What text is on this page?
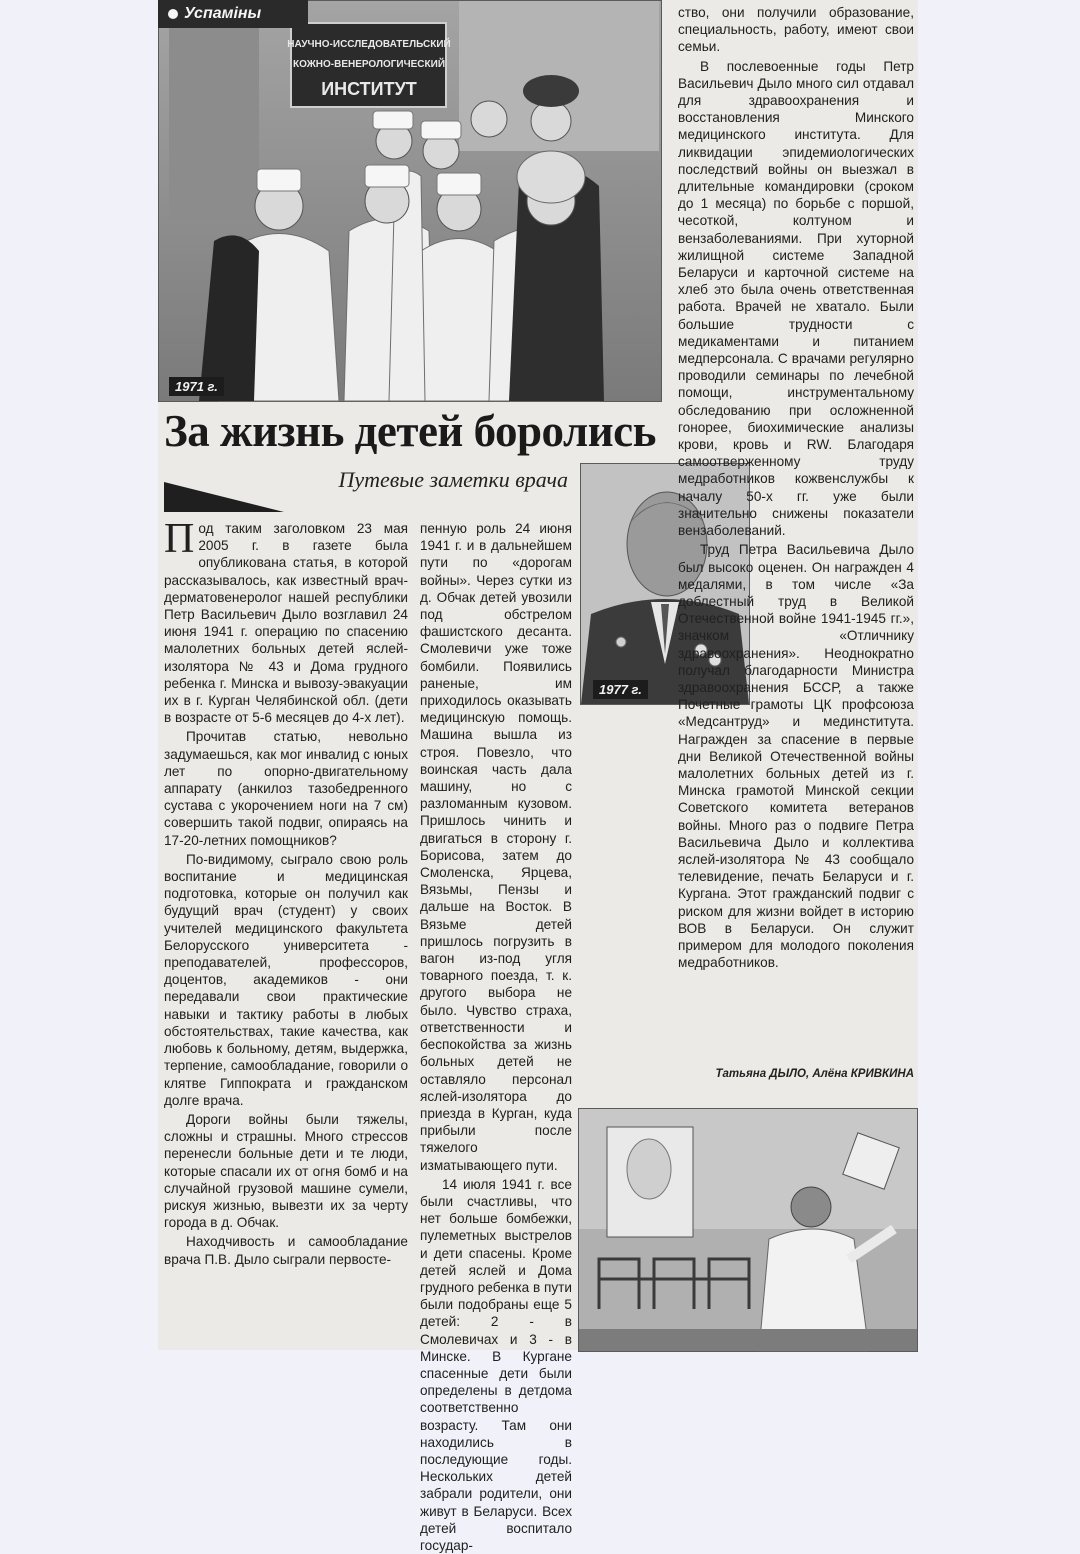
Успаміны
НАУЧНО-ИССЛЕДОВАТЕЛЬСКИЙ
КОЖНО-ВЕНЕРОЛОГИЧЕСКИЙ
ИНСТИТУТ
1971 г.
За жизнь детей боролись
Путевые заметки врача
1977 г.

Под таким заголовком 23 мая 2005 г. в газете была опубликована статья, в которой рассказывалось, как известный врач-дерматовенеролог нашей республики Петр Васильевич Дыло возглавил 24 июня 1941 г. операцию по спасению малолетних больных детей яслей-изолятора № 43 и Дома грудного ребенка г. Минска и вывозу-эвакуации их в г. Курган Челябинской обл. (дети в возрасте от 5-6 месяцев до 4-х лет).

Прочитав статью, невольно задумаешься, как мог инвалид с юных лет по опорно-двигательному аппарату (анкилоз тазобедренного сустава с укорочением ноги на 7 см) совершить такой подвиг, опираясь на 17-20-летних помощников?

По-видимому, сыграло свою роль воспитание и медицинская подготовка, которые он получил как будущий врач (студент) у своих учителей медицинского факультета Белорусского университета - преподавателей, профессоров, доцентов, академиков - они передавали свои практические навыки и тактику работы в любых обстоятельствах, такие качества, как любовь к больному, детям, выдержка, терпение, самообладание, говорили о клятве Гиппократа и гражданском долге врача.

Дороги войны были тяжелы, сложны и страшны. Много стрессов перенесли больные дети и те люди, которые спасали их от огня бомб и на случайной грузовой машине сумели, рискуя жизнью, вывезти их за черту города в д. Обчак.

Находчивость и самообладание врача П.В. Дыло сыграли первосте-

пенную роль 24 июня 1941 г. и в дальнейшем пути по «дорогам войны». Через сутки из д. Обчак детей увозили под обстрелом фашистского десанта. Смолевичи уже тоже бомбили. Появились раненые, им приходилось оказывать медицинскую помощь. Машина вышла из строя. Повезло, что воинская часть дала машину, но с разломанным кузовом. Пришлось чинить и двигаться в сторону г. Борисова, затем до Смоленска, Ярцева, Вязьмы, Пензы и дальше на Восток. В Вязьме детей пришлось погрузить в вагон из-под угля товарного поезда, т. к. другого выбора не было. Чувство страха, ответственности и беспокойства за жизнь больных детей не оставляло персонал яслей-изолятора до приезда в Курган, куда прибыли после тяжелого изматывающего пути.

14 июля 1941 г. все были счастливы, что нет больше бомбежки, пулеметных выстрелов и дети спасены. Кроме детей яслей и Дома грудного ребенка в пути были подобраны еще 5 детей: 2 - в Смолевичах и 3 - в Минске. В Кургане спасенные дети были определены в детдома соответственно возрасту. Там они находились в последующие годы. Нескольких детей забрали родители, они живут в Беларуси. Всех детей воспитало государ-

ство, они получили образование, специальность, работу, имеют свои семьи.

В послевоенные годы Петр Васильевич Дыло много сил отдавал для здравоохранения и восстановления Минского медицинского института. Для ликвидации эпидемиологических последствий войны он выезжал в длительные командировки (сроком до 1 месяца) по борьбе с поршой, чесоткой, колтуном и вензаболеваниями. При хуторной жилищной системе Западной Беларуси и карточной системе на хлеб это была очень ответственная работа. Врачей не хватало. Были большие трудности с медикаментами и питанием медперсонала. С врачами регулярно проводили семинары по лечебной помощи, инструментальному обследованию при осложненной гонорее, биохимические анализы крови, кровь и RW. Благодаря самоотверженному труду медработников кожвенслужбы к началу 50-х гг. уже были значительно снижены показатели вензаболеваний.

Труд Петра Васильевича Дыло был высоко оценен. Он награжден 4 медалями, в том числе «За доблестный труд в Великой Отечественной войне 1941-1945 гг.», значком «Отличнику здравоохранения». Неоднократно получал благодарности Министра здравоохранения БССР, а также Почетные грамоты ЦК профсоюза «Медсантруд» и мединститута. Награжден за спасение в первые дни Великой Отечественной войны малолетних больных детей из г. Минска грамотой Минской секции Советского комитета ветеранов войны. Много раз о подвиге Петра Васильевича Дыло и коллектива яслей-изолятора № 43 сообщало телевидение, печать Беларуси и г. Кургана. Этот гражданский подвиг с риском для жизни войдет в историю ВОВ в Беларуси. Он служит примером для молодого поколения медработников.

Татьяна ДЫЛО, Алёна КРИВКИНА
